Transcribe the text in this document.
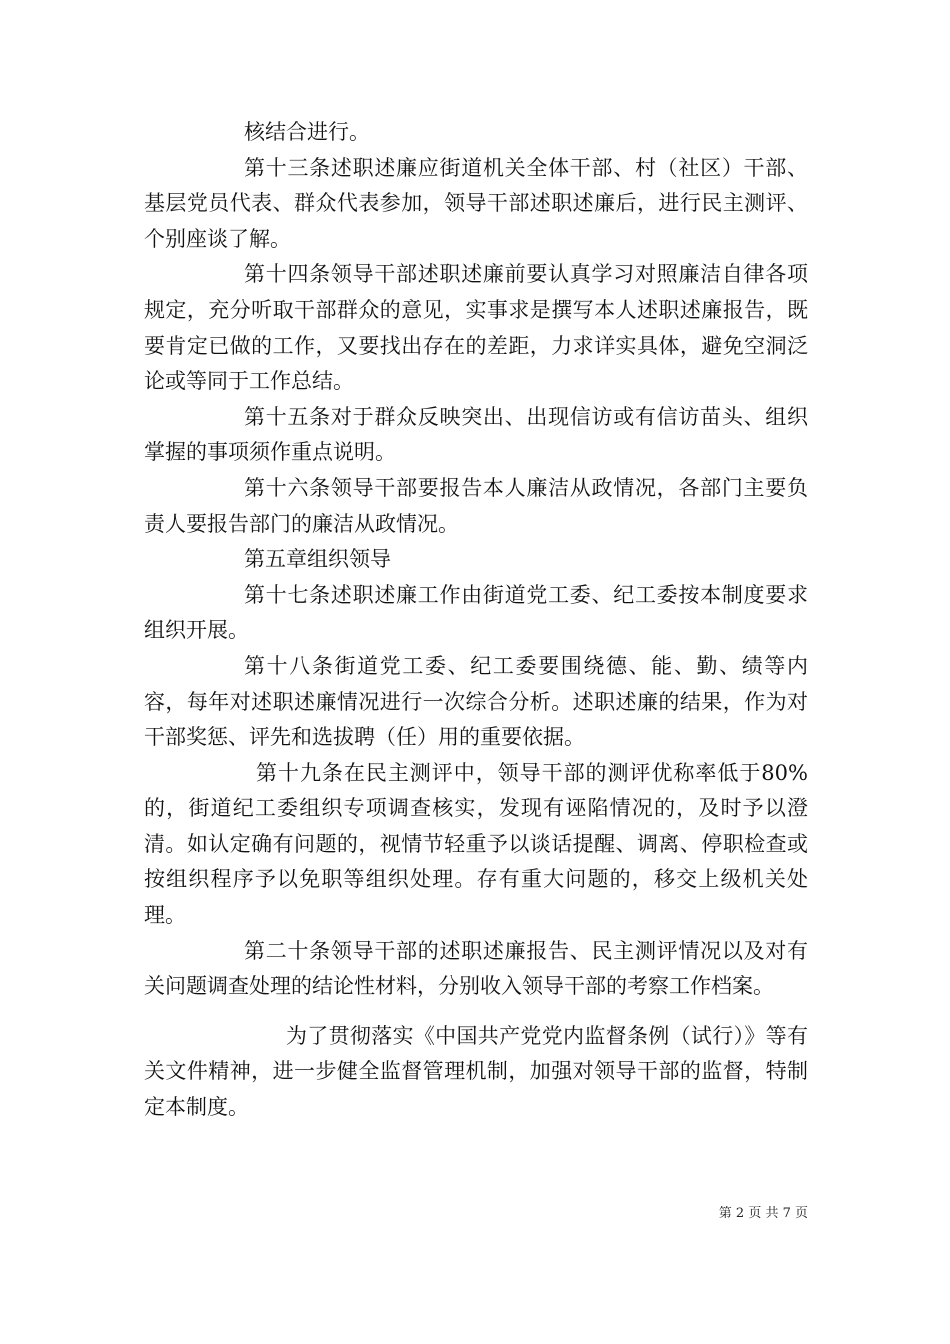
核结合进行。

第十三条述职述廉应街道机关全体干部、村（社区）干部、基层党员代表、群众代表参加，领导干部述职述廉后，进行民主测评、个别座谈了解。

第十四条领导干部述职述廉前要认真学习对照廉洁自律各项规定，充分听取干部群众的意见，实事求是撰写本人述职述廉报告，既要肯定已做的工作，又要找出存在的差距，力求详实具体，避免空洞泛论或等同于工作总结。

第十五条对于群众反映突出、出现信访或有信访苗头、组织掌握的事项须作重点说明。

第十六条领导干部要报告本人廉洁从政情况，各部门主要负责人要报告部门的廉洁从政情况。

第五章组织领导

第十七条述职述廉工作由街道党工委、纪工委按本制度要求组织开展。

第十八条街道党工委、纪工委要围绕德、能、勤、绩等内容，每年对述职述廉情况进行一次综合分析。述职述廉的结果，作为对干部奖惩、评先和选拔聘（任）用的重要依据。

第十九条在民主测评中，领导干部的测评优称率低于80%的，街道纪工委组织专项调查核实，发现有诬陷情况的，及时予以澄清。如认定确有问题的，视情节轻重予以谈话提醒、调离、停职检查或按组织程序予以免职等组织处理。存有重大问题的，移交上级机关处理。

第二十条领导干部的述职述廉报告、民主测评情况以及对有关问题调查处理的结论性材料，分别收入领导干部的考察工作档案。

为了贯彻落实《中国共产党党内监督条例（试行）》等有关文件精神，进一步健全监督管理机制，加强对领导干部的监督，特制定本制度。

第 2 页 共 7 页
